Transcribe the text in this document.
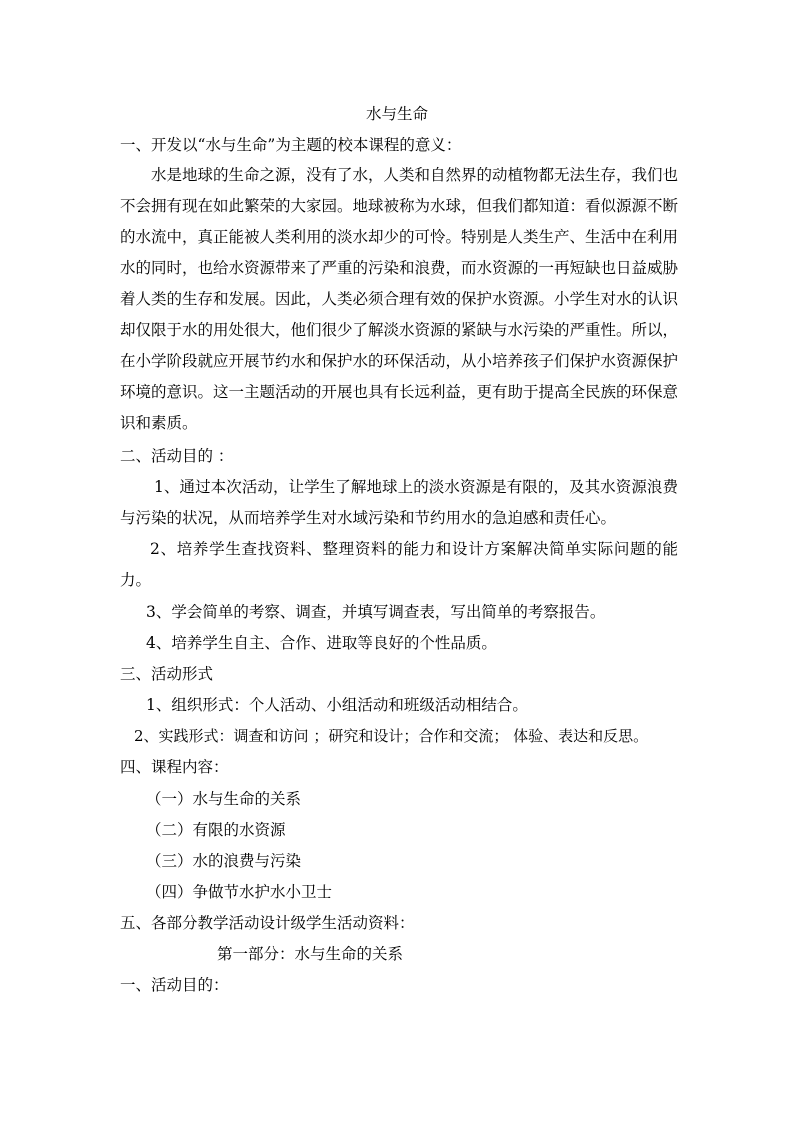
水与生命
一、开发以“水与生命”为主题的校本课程的意义：
水是地球的生命之源，没有了水，人类和自然界的动植物都无法生存，我们也不会拥有现在如此繁荣的大家园。地球被称为水球，但我们都知道：看似源源不断的水流中，真正能被人类利用的淡水却少的可怜。特别是人类生产、生活中在利用水的同时，也给水资源带来了严重的污染和浪费，而水资源的一再短缺也日益威胁着人类的生存和发展。因此，人类必须合理有效的保护水资源。小学生对水的认识却仅限于水的用处很大，他们很少了解淡水资源的紧缺与水污染的严重性。所以，在小学阶段就应开展节约水和保护水的环保活动，从小培养孩子们保护水资源保护环境的意识。这一主题活动的开展也具有长远利益，更有助于提高全民族的环保意识和素质。
二、活动目的 ：
1、通过本次活动，让学生了解地球上的淡水资源是有限的，及其水资源浪费与污染的状况，从而培养学生对水域污染和节约用水的急迫感和责任心。
2、培养学生查找资料、整理资料的能力和设计方案解决简单实际问题的能力。
3、学会简单的考察、调查，并填写调查表，写出简单的考察报告。
4、培养学生自主、合作、进取等良好的个性品质。
三、活动形式
1、组织形式：个人活动、小组活动和班级活动相结合。
2、实践形式：调查和访问 ；研究和设计；合作和交流； 体验、表达和反思。
四、课程内容：
（一）水与生命的关系
（二）有限的水资源
（三）水的浪费与污染
（四）争做节水护水小卫士
五、各部分教学活动设计级学生活动资料：
第一部分：水与生命的关系
一、活动目的：
